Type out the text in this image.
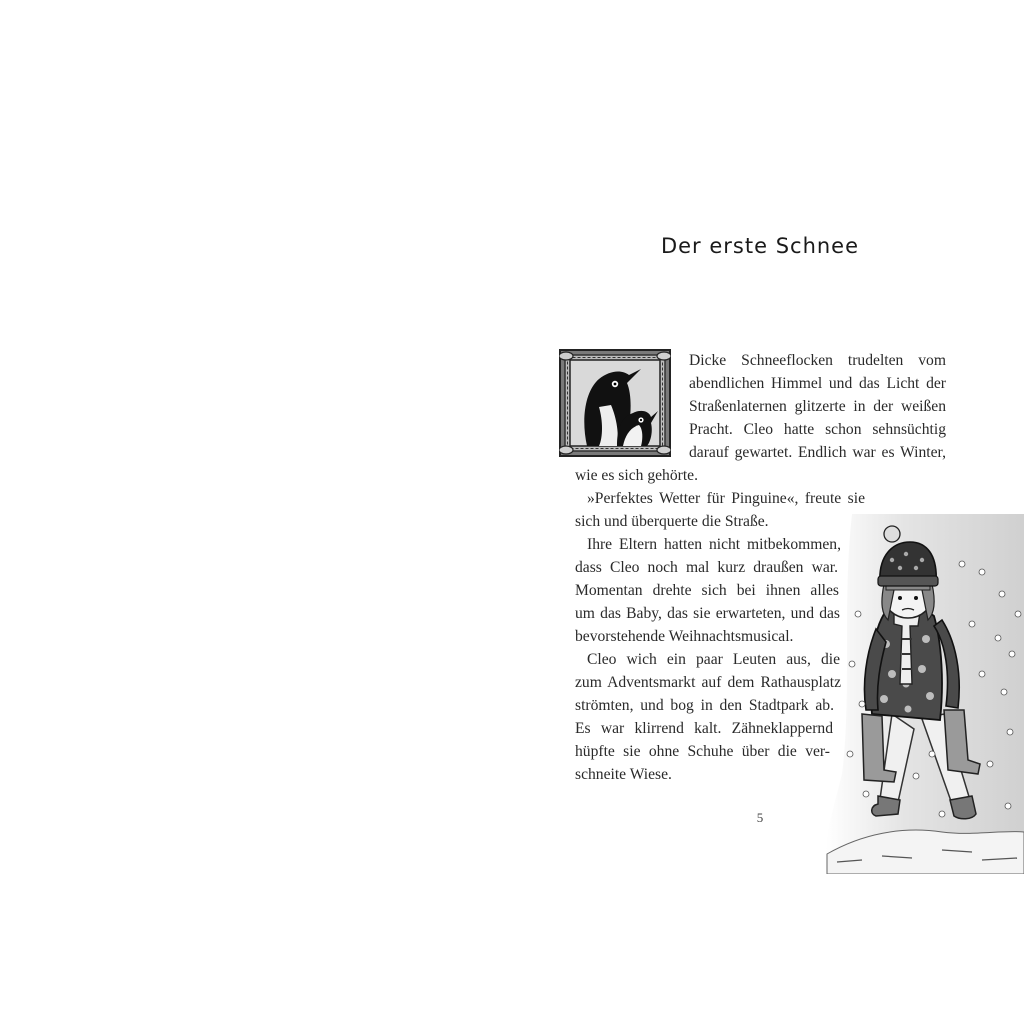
Der erste Schnee
Dicke Schneeflocken trudelten vom
abendlichen Himmel und das Licht der
Straßenlaternen glitzerte in der weißen
Pracht. Cleo hatte schon sehnsüchtig
darauf gewartet. Endlich war es Winter,
wie es sich gehörte.
»Perfektes Wetter für Pinguine«, freute sie
sich und überquerte die Straße.
Ihre Eltern hatten nicht mitbekommen,
dass Cleo noch mal kurz draußen war.
Momentan drehte sich bei ihnen alles
um das Baby, das sie erwarteten, und das
bevorstehende Weihnachtsmusical.
Cleo wich ein paar Leuten aus, die
zum Adventsmarkt auf dem Rathausplatz
strömten, und bog in den Stadtpark ab.
Es war klirrend kalt. Zähneklappernd
hüpfte sie ohne Schuhe über die ver-
schneite Wiese.
5
